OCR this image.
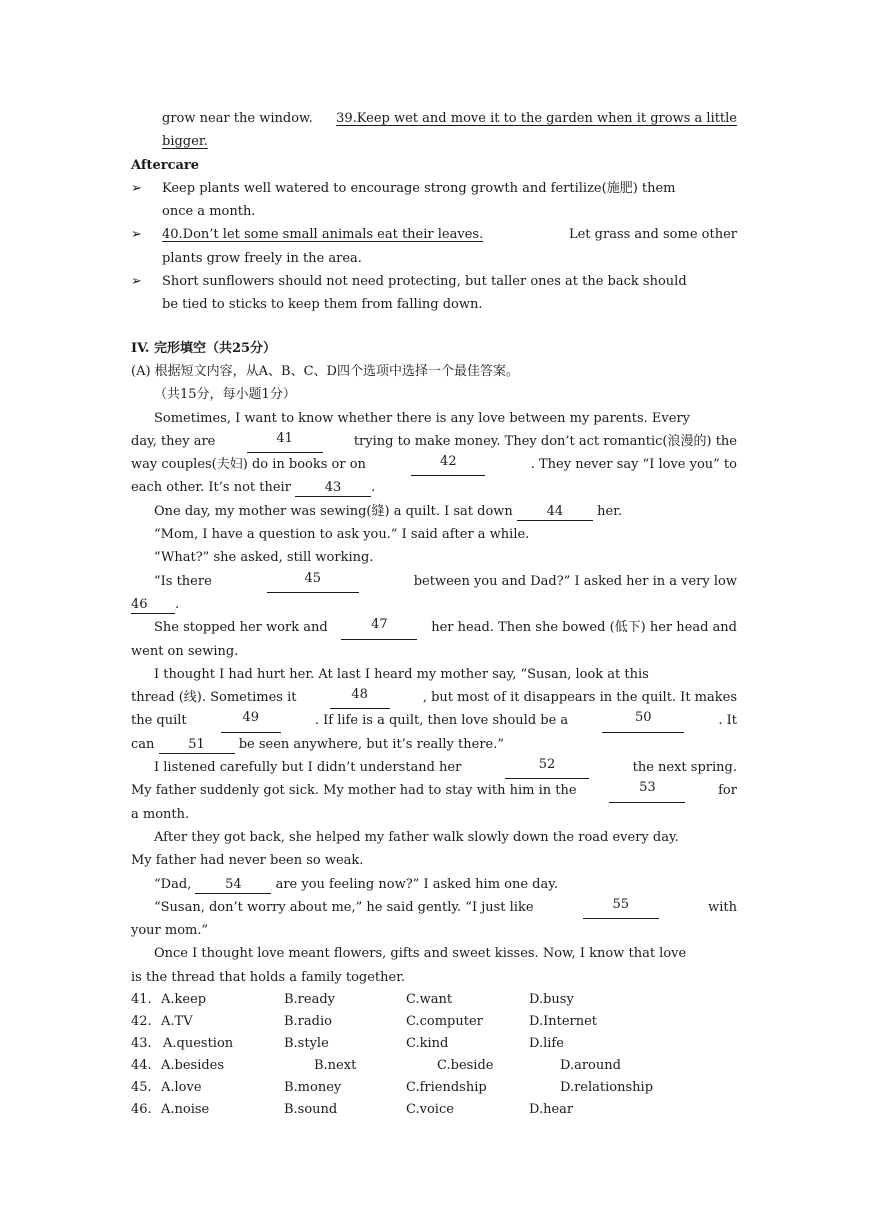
grow near the window. 39.Keep wet and move it to the garden when it grows a little
bigger.
Aftercare
➢ Keep plants well watered to encourage strong growth and fertilize(施肥) them
once a month.
➢ 40.Don’t let some small animals eat their leaves.	Let grass and some other
plants grow freely in the area.
➢ Short sunflowers should not need protecting, but taller ones at the back should
be tied to sticks to keep them from falling down.
IV. 完形填空（共25分）
(A) 根据短文内容，从A、B、C、D四个选项中选择一个最佳答案。
（共15分，每小题1分）
Sometimes, I want to know whether there is any love between my parents. Every
day, they are	41	trying to make money. They don’t act romantic(浪漫的) the
way couples(夫妇) do in books or on	42	. They never say “I love you” to
each other. It’s not their	43 .
One day, my mother was sewing(缝) a quilt. I sat down	44	her.
“Mom, I have a question to ask you.” I said after a while.
“What?” she asked, still working.
“Is there	45	between you and Dad?” I asked her in a very low
46 .
She stopped her work and	47	her head. Then she bowed (低下) her head and
went on sewing.
I thought I had hurt her. At last I heard my mother say, “Susan, look at this
thread (线). Sometimes it	48	, but most of it disappears in the quilt. It makes
the quilt	49	. If life is a quilt, then love should be a	50	. It
can	51	be seen anywhere, but it’s really there.”
I listened carefully but I didn’t understand her	52	the next spring.
My father suddenly got sick. My mother had to stay with him in the	53	for
a month.
After they got back, she helped my father walk slowly down the road every day.
My father had never been so weak.
“Dad,	54	are you feeling now?” I asked him one day.
“Susan, don’t worry about me,” he said gently. “I just like	55	with
your mom.”
Once I thought love meant flowers, gifts and sweet kisses. Now, I know that love
is the thread that holds a family together.
41. A.keep	B.ready	C.want	D.busy
42. A.TV	B.radio	C.computer	D.Internet
43. A.question	B.style	C.kind	D.life
44. A.besides	B.next	C.beside	D.around
45. A.love	B.money	C.friendship	D.relationship
46. A.noise	B.sound	C.voice	D.hear
